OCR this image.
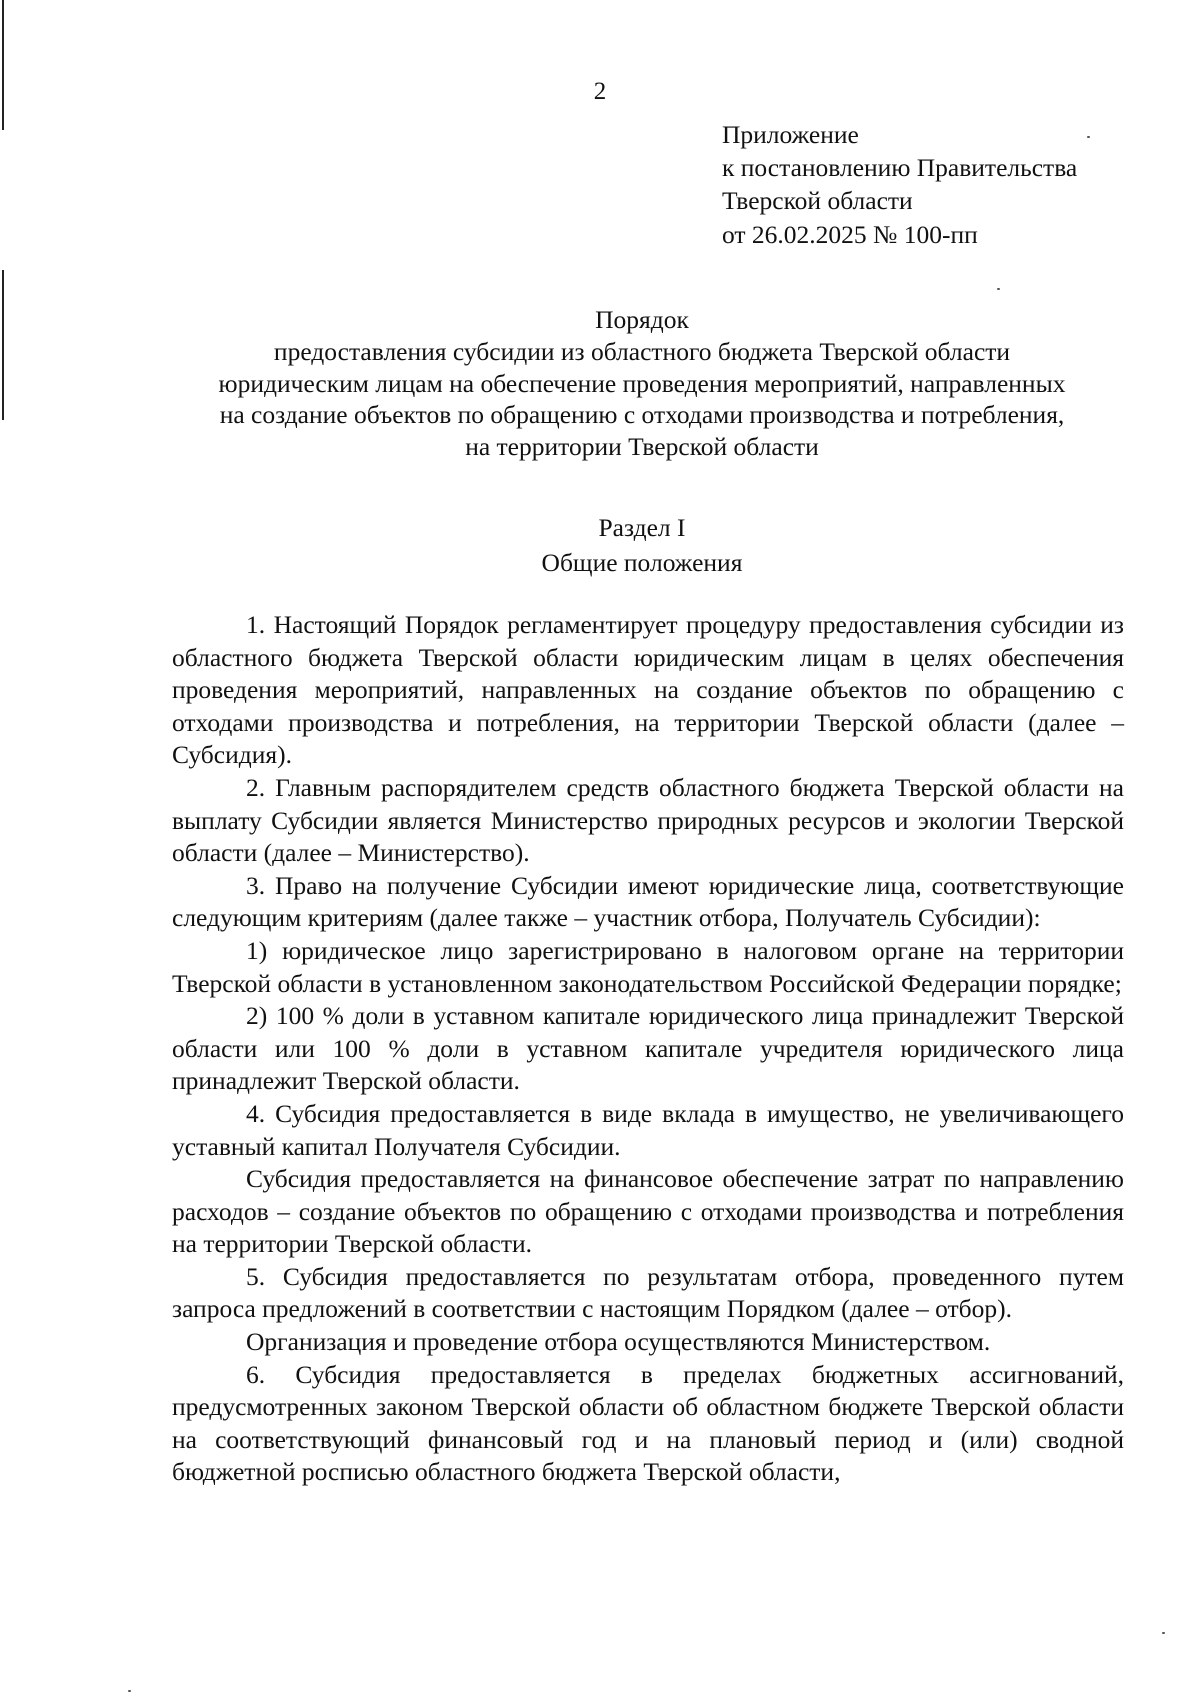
2
Приложение
к постановлению Правительства
Тверской области
от 26.02.2025 № 100-пп
Порядок
предоставления субсидии из областного бюджета Тверской области
юридическим лицам на обеспечение проведения мероприятий, направленных
на создание объектов по обращению с отходами производства и потребления,
на территории Тверской области
Раздел I
Общие положения

1. Настоящий Порядок регламентирует процедуру предоставления субсидии из областного бюджета Тверской области юридическим лицам в целях обеспечения проведения мероприятий, направленных на создание объектов по обращению с отходами производства и потребления, на территории Тверской области (далее – Субсидия).

2. Главным распорядителем средств областного бюджета Тверской области на выплату Субсидии является Министерство природных ресурсов и экологии Тверской области (далее – Министерство).

3. Право на получение Субсидии имеют юридические лица, соответствующие следующим критериям (далее также – участник отбора, Получатель Субсидии):

1) юридическое лицо зарегистрировано в налоговом органе на территории Тверской области в установленном законодательством Российской Федерации порядке;

2) 100 % доли в уставном капитале юридического лица принадлежит Тверской области или 100 % доли в уставном капитале учредителя юридического лица принадлежит Тверской области.

4. Субсидия предоставляется в виде вклада в имущество, не увеличивающего уставный капитал Получателя Субсидии.

Субсидия предоставляется на финансовое обеспечение затрат по направлению расходов – создание объектов по обращению с отходами производства и потребления на территории Тверской области.

5. Субсидия предоставляется по результатам отбора, проведенного путем запроса предложений в соответствии с настоящим Порядком (далее – отбор).

Организация и проведение отбора осуществляются Министерством.

6. Субсидия предоставляется в пределах бюджетных ассигнований, предусмотренных законом Тверской области об областном бюджете Тверской области на соответствующий финансовый год и на плановый период и (или) сводной бюджетной росписью областного бюджета Тверской области,
